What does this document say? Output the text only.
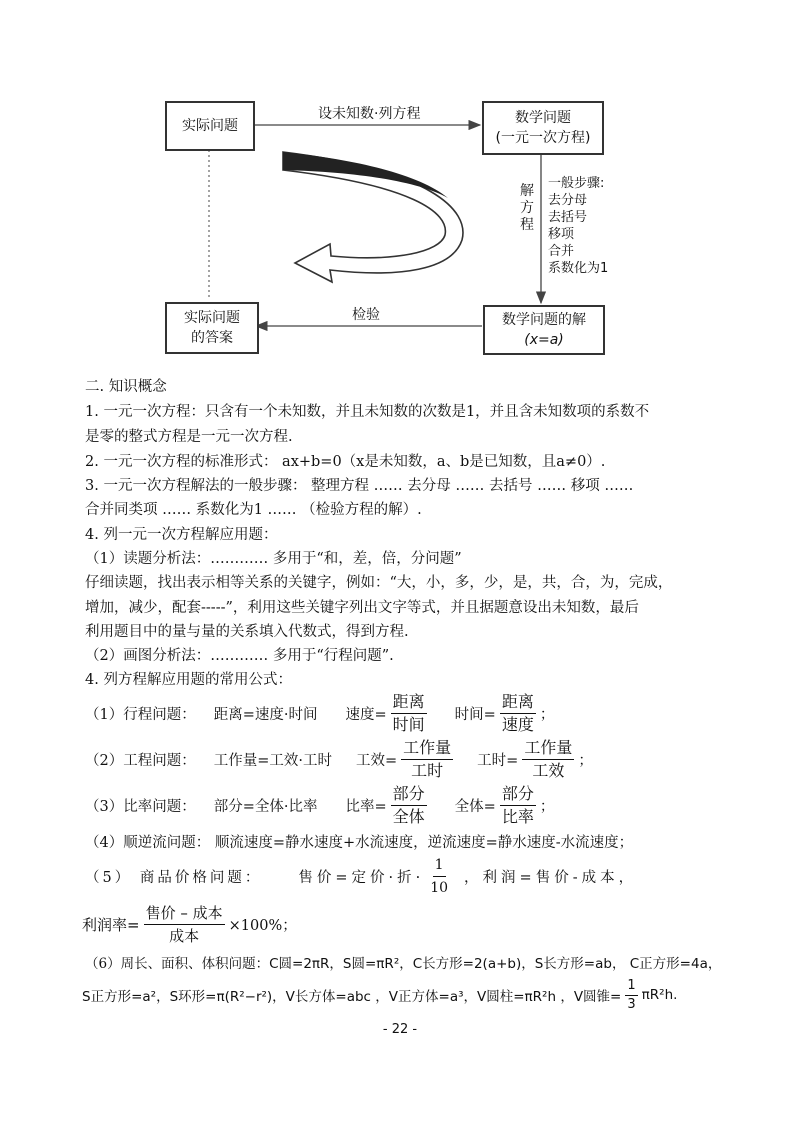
实际问题	数学问题
(一元一次方程)
实际问题
的答案
数学问题的解
(x=a)
设未知数·列方程
检验
解
方
程
一般步骤:
去分母
去括号
移项
合并
系数化为1
二. 知识概念
1. 一元一次方程：只含有一个未知数，并且未知数的次数是1，并且含未知数项的系数不
是零的整式方程是一元一次方程.
2. 一元一次方程的标准形式： ax+b=0（x是未知数，a、b是已知数，且a≠0）.
3. 一元一次方程解法的一般步骤： 整理方程 …… 去分母 …… 去括号 …… 移项 ……
合并同类项 …… 系数化为1 …… （检验方程的解）.
4. 列一元一次方程解应用题：
（1）读题分析法：………… 多用于“和，差，倍，分问题”
仔细读题，找出表示相等关系的关键字，例如：“大，小，多，少，是，共，合，为，完成，
增加，减少，配套-----”，利用这些关键字列出文字等式，并且据题意设出未知数，最后
利用题目中的量与量的关系填入代数式，得到方程.
（2）画图分析法：………… 多用于“行程问题”.
4. 列方程解应用题的常用公式：
（1）行程问题： 距离=速度·时间 速度= $\frac{\text{距离}}{\text{时间}}$ 时间= $\frac{\text{距离}}{\text{速度}}$ ；
（2）工程问题： 工作量=工效·工时 工效= $\frac{\text{工作量}}{\text{工时}}$ 工时= $\frac{\text{工作量}}{\text{工效}}$ ；
（3）比率问题： 部分=全体·比率 比率= $\frac{\text{部分}}{\text{全体}}$ 全体= $\frac{\text{部分}}{\text{比率}}$ ；
（4）顺逆流问题： 顺流速度=静水速度+水流速度，逆流速度=静水速度-水流速度；
（5） 商品价格问题： 售价=定价·折· $\frac{1}{10}$ ，利润=售价-成本，
利润率= $\frac{\text{售价 – 成本}}{\text{成本}} \times 100\%$；
（6）周长、面积、体积问题：C圆=2πR，S圆=πR²，C长方形=2(a+b)，S长方形=ab， C正方形=4a，
S正方形=a²，S环形=π(R²−r²)，V长方体=abc ，V正方体=a³，V圆柱=πR²h ，V圆锥= $\frac{1}{3} \pi R^2h$.
- 22 -
